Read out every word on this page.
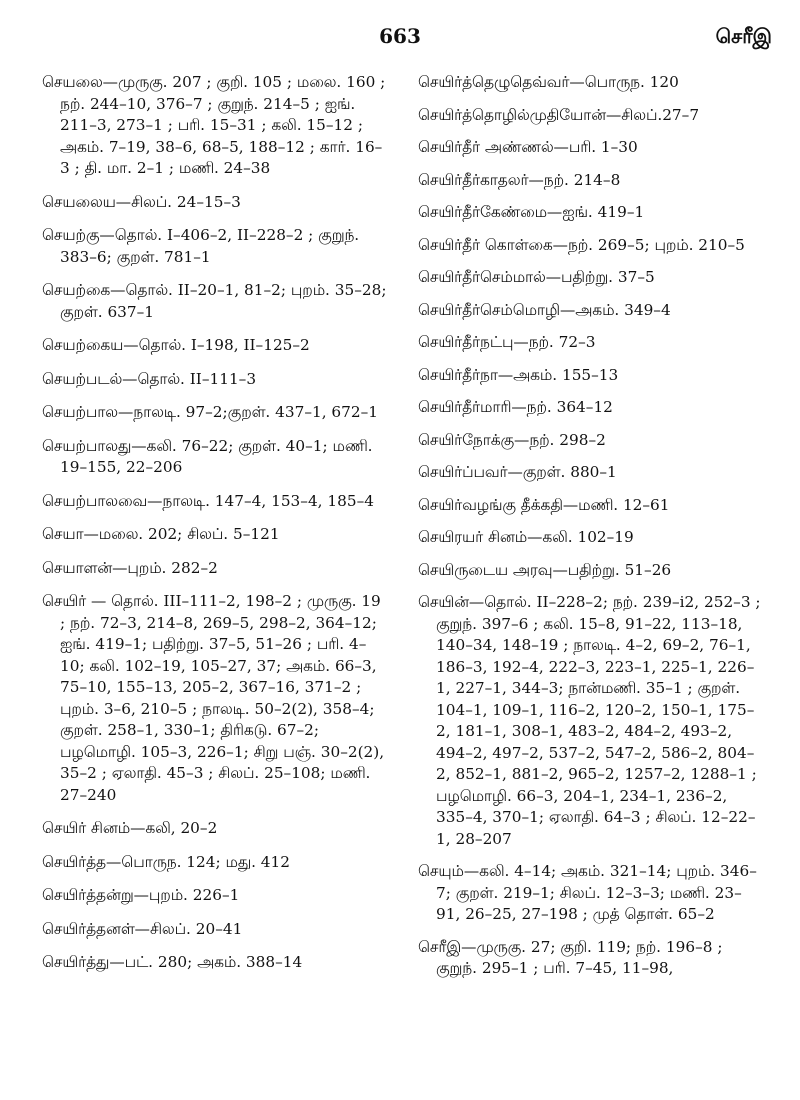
663	செரீஇ
செயலை—முருகு. 207 ; குறி. 105 ; மலை. 160 ; நற். 244–10, 376–7 ; குறுந். 214–5 ; ஐங். 211–3, 273–1 ; பரி. 15–31 ; கலி. 15–12 ; அகம். 7–19, 38–6, 68–5, 188–12 ; கார். 16–3 ; தி. மா. 2–1 ; மணி. 24–38
செயலைய—சிலப். 24–15–3
செயற்கு—தொல். I–406–2, II–228–2 ; குறுந். 383–6; குறள். 781–1
செயற்கை—தொல். II–20–1, 81–2; புறம். 35–28; குறள். 637–1
செயற்கைய—தொல். I–198, II–125–2
செயற்படல்—தொல். II–111–3
செயற்பால—நாலடி. 97–2;குறள். 437–1, 672–1
செயற்பாலது—கலி. 76–22; குறள். 40–1; மணி. 19–155, 22–206
செயற்பாலவை—நாலடி. 147–4, 153–4, 185–4
செயா—மலை. 202; சிலப். 5–121
செயாளன்—புறம். 282–2
செயிர் — தொல். III–111–2, 198–2 ; முருகு. 19 ; நற். 72–3, 214–8, 269–5, 298–2, 364–12; ஐங். 419–1; பதிற்று. 37–5, 51–26 ; பரி. 4–10; கலி. 102–19, 105–27, 37; அகம். 66–3, 75–10, 155–13, 205–2, 367–16, 371–2 ; புறம். 3–6, 210–5 ; நாலடி. 50–2(2), 358–4; குறள். 258–1, 330–1; திரிகடு. 67–2; பழமொழி. 105–3, 226–1; சிறு பஞ். 30–2(2), 35–2 ; ஏலாதி. 45–3 ; சிலப். 25–108; மணி. 27–240
செயிர் சினம்—கலி, 20–2
செயிர்த்த—பொருந. 124; மது. 412
செயிர்த்தன்று—புறம். 226–1
செயிர்த்தனள்—சிலப். 20–41
செயிர்த்து—பட். 280; அகம். 388–14
செயிர்த்தெழுதெவ்வர்—பொருந. 120
செயிர்த்தொழில்முதியோன்—சிலப்.27–7
செயிர்தீர் அண்ணல்—பரி. 1–30
செயிர்தீர்காதலர்—நற். 214–8
செயிர்தீர்கேண்மை—ஐங். 419–1
செயிர்தீர் கொள்கை—நற். 269–5; புறம். 210–5
செயிர்தீர்செம்மால்—பதிற்று. 37–5
செயிர்தீர்செம்மொழி—அகம். 349–4
செயிர்தீர்நட்பு—நற். 72–3
செயிர்தீர்நா—அகம். 155–13
செயிர்தீர்மாரி—நற். 364–12
செயிர்நோக்கு—நற். 298–2
செயிர்ப்பவர்—குறள். 880–1
செயிர்வழங்கு தீக்கதி—மணி. 12–61
செயிரயர் சினம்—கலி. 102–19
செயிருடைய அரவு—பதிற்று. 51–26
செயின்—தொல். II–228–2; நற். 239–i2, 252–3 ; குறுந். 397–6 ; கலி. 15–8, 91–22, 113–18, 140–34, 148–19 ; நாலடி. 4–2, 69–2, 76–1, 186–3, 192–4, 222–3, 223–1, 225–1, 226–1, 227–1, 344–3; நான்மணி. 35–1 ; குறள். 104–1, 109–1, 116–2, 120–2, 150–1, 175–2, 181–1, 308–1, 483–2, 484–2, 493–2, 494–2, 497–2, 537–2, 547–2, 586–2, 804–2, 852–1, 881–2, 965–2, 1257–2, 1288–1 ; பழமொழி. 66–3, 204–1, 234–1, 236–2, 335–4, 370–1; ஏலாதி. 64–3 ; சிலப். 12–22–1, 28–207
செயும்—கலி. 4–14; அகம். 321–14; புறம். 346–7; குறள். 219–1; சிலப். 12–3–3; மணி. 23–91, 26–25, 27–198 ; முத் தொள். 65–2
செரீஇ—முருகு. 27; குறி. 119; நற். 196–8 ; குறுந். 295–1 ; பரி. 7–45, 11–98,
